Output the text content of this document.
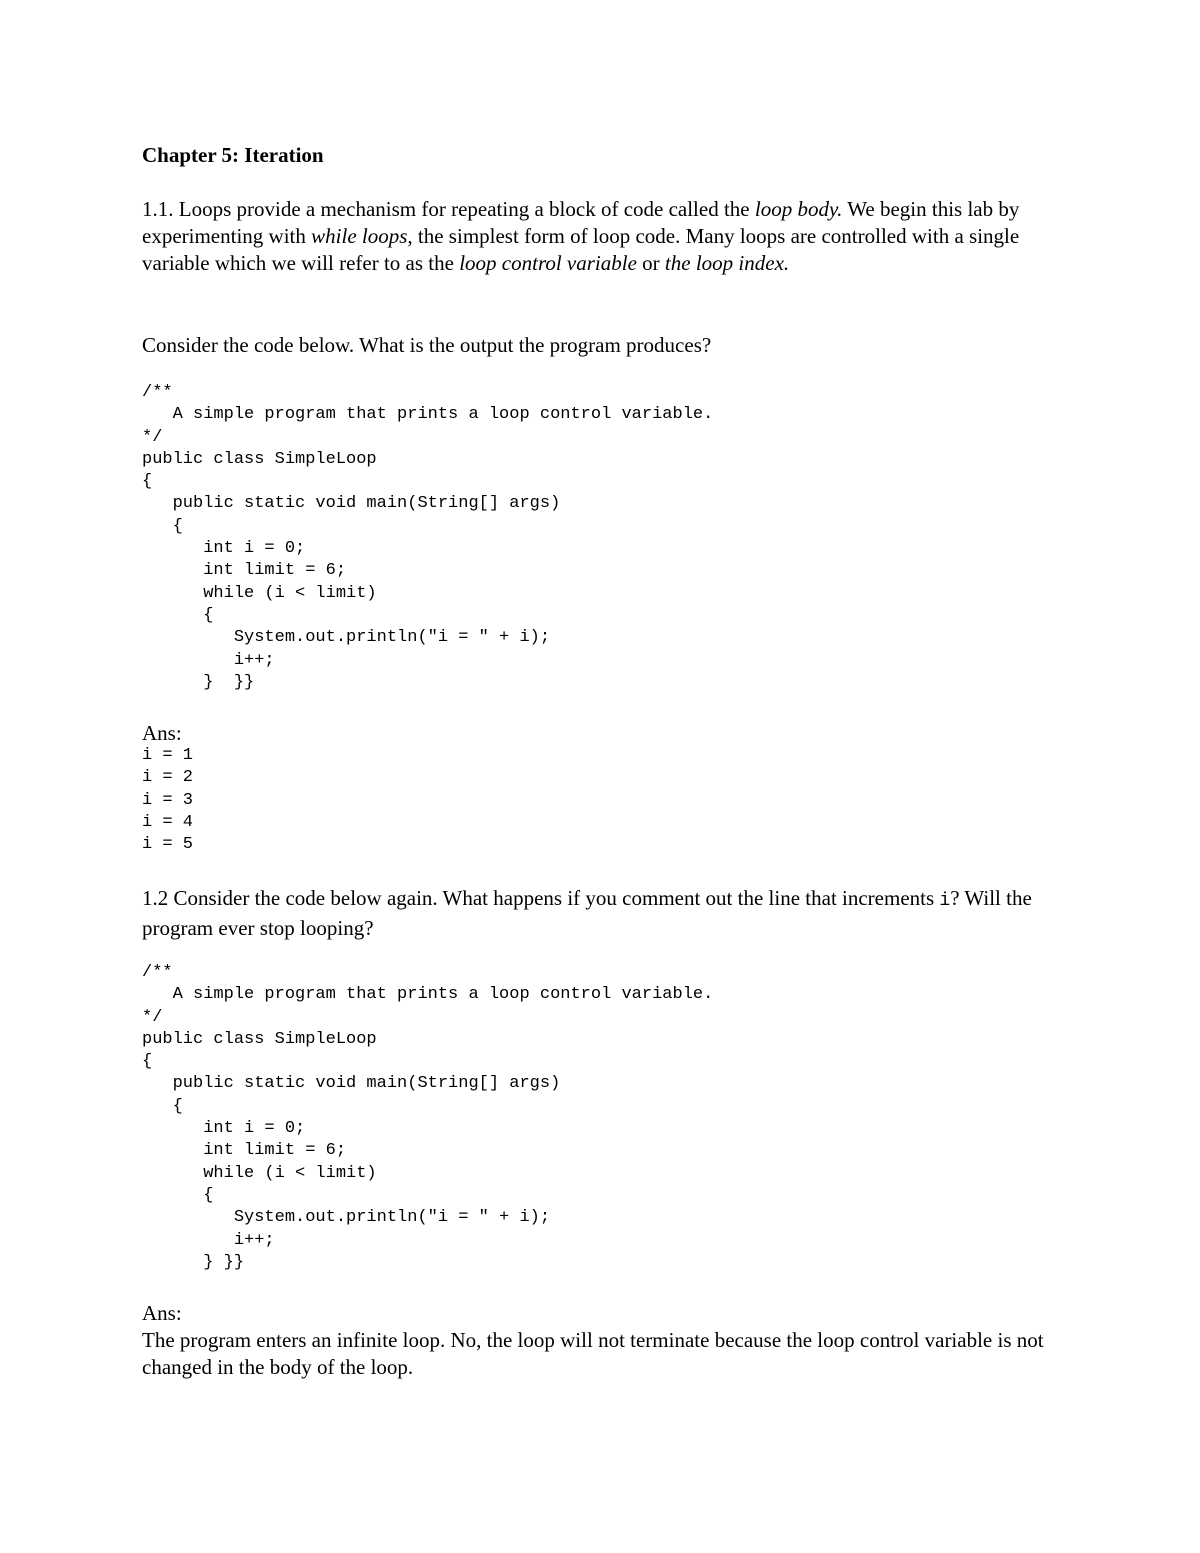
Chapter 5: Iteration

1.1. Loops provide a mechanism for repeating a block of code called the loop body. We begin this lab by experimenting with while loops, the simplest form of loop code. Many loops are controlled with a single variable which we will refer to as the loop control variable or the loop index.

Consider the code below. What is the output the program produces?
/**
A simple program that prints a loop control variable.
*/
public class SimpleLoop
{
public static void main(String[] args)
{
int i = 0;
int limit = 6;
while (i < limit)
{
System.out.println("i = " + i);
i++;
}  }}
Ans:
i = 1
i = 2
i = 3
i = 4
i = 5

1.2 Consider the code below again. What happens if you comment out the line that increments i? Will the program ever stop looping?

/**
A simple program that prints a loop control variable.
*/
public class SimpleLoop
{
public static void main(String[] args)
{
int i = 0;
int limit = 6;
while (i < limit)
{
System.out.println("i = " + i);
i++;
} }}
Ans:
The program enters an infinite loop. No, the loop will not terminate because the loop control variable is not changed in the body of the loop.
